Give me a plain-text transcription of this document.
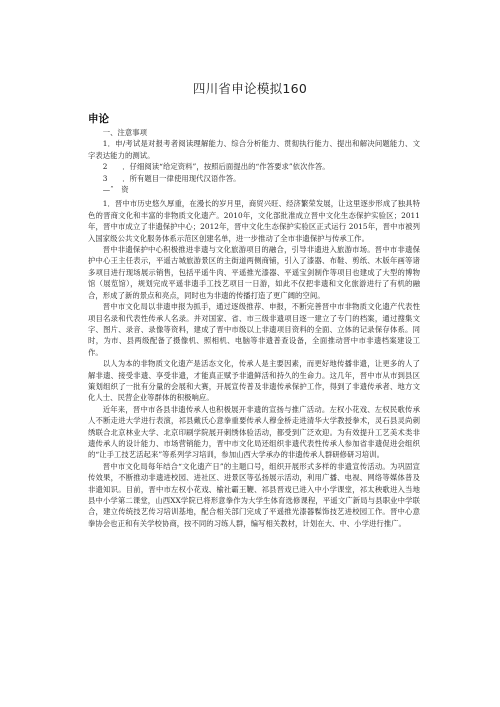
四川省申论模拟160
申论

一、注意事项

1．申/考试是对报考者阅读理解能力、综合分析能力、贯彻执行能力、提出和解决问题能力、文字表达能力的测试。

2　　．仔细阅读“给定资料”，按照后面提出的“作答要求”依次作答。

3　　．所有题目一律使用现代汉语作答。

—ˆ　资

1．晋中市历史悠久厚重，在漫长的岁月里，商贸兴旺、经济繁荣发展，让这里逐步形成了独具特色的晋商文化和丰富的非物质文化遗产。2010年，文化部批准成立晋中文化生态保护实验区；2011年，晋中市成立了非遗保护中心；2012年，晋中文化生态保护实验区正式运行 2015年，晋中市被列入国家级公共文化服务体系示范区创建名单，进一步推动了全市非遗保护与传承工作。

晋中非遗保护中心积极推进非遗与文化旅游项目的融合，引导非遗进入旅游市场。晋中市非遗保护中心王主任表示，平遥古城旅游景区的主街道两侧商铺，引入了漆器、布鞋、剪纸、木版年画等诸多项目进行现场展示销售，包括平遥牛肉、平遥推光漆器、平遥宝剑制作等项目也建成了大型的博物馆（展览馆），规划完成平遥非遗手工技艺项目一日游，如此不仅把非遗和文化旅游进行了有机的融合，形成了新的景点和亮点，同时也为非遗的传播打造了更广阔的空间。

晋中市文化局以非遗申报为抓手，通过逐级推荐、申报，不断完善晋中市非物质文化遗产代表性项目名录和代表性传承人名录。并对国家、省、市三级非遗项目逐一建立了专门的档案，通过搜集文字、图片、录音、录像等资料，建成了晋中市级以上非遗项目资料的全面、立体的记录保存体系。同时，为市、县两级配备了摄像机、照相机、电脑等非遗普查设备，全面推动晋中市非遗档案建设工作。

以人为本的非物质文化遗产是活态文化，传承人是主要因素，而更好地传播非遗，让更多的人了解非遗、接受非遗、享受非遗，才能真正赋予非遗鲜活和持久的生命力。这几年，晋中市从市到县区策划组织了一批有分量的会展和大赛，开展宣传普及非遗传承保护工作，得到了非遗传承者、地方文化人士、民营企业等群体的积极响应。

近年来，晋中市各县非遗传承人也积极展开非遗的宣扬与推广活动。左权小花戏、左权民歌传承人不断走进大学进行表演，祁县戴氏心意拳重要传承人穆金桥走进清华大学教授拳术，灵石县灵尚刺绣联合北京林业大学、北京印刷学院展开刺绣体验活动，都受到广泛欢迎。为有效提升工艺美术类非遗传承人的设计能力、市场营销能力，晋中市文化局还组织非遗代表性传承人参加省非遗促进会组织的“让手工技艺活起来”等系列学习培训，参加山西大学承办的非遗传承人群研修研习培训。

晋中市文化局每年结合“文化遗产日”的主题口号，组织开展形式多样的非遗宣传活动。为巩固宣传效果，不断推动非遗进校园、进社区、进景区等弘扬展示活动，利用广播、电视、网络等媒体普及非遗知识。目前，晋中市左权小花戏、榆社霸王鞭、祁县晋戏已进入中小学课堂，祁太秧歌进入当地县中小学第二课堂，山西XX学院已将形意拳作为大学生体育选修课程，平遥文广新局与县职业中学联合，建立传统技艺传习培训基地，配合相关部门完成了平遥推光漆器髹饰技艺进校园工作。晋中心意拳协会也正和有关学校协商，按不同的习练人群，编写相关教材，计划在大、中、小学进行推广。
